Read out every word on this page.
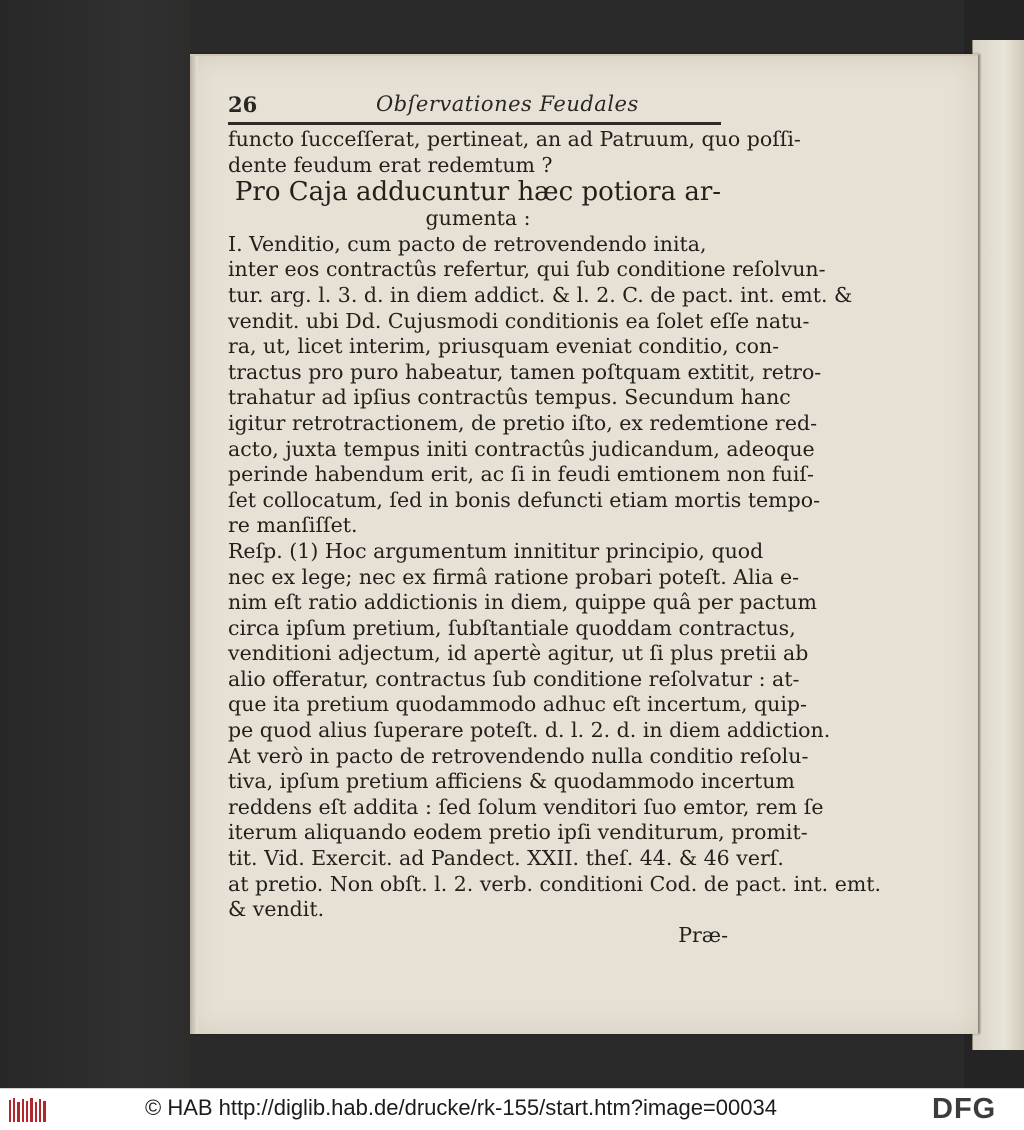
26	Obſervationes Feudales
functo ſucceſſerat, pertineat, an ad Patruum, quo poſſi-
dente feudum erat redemtum ?
Pro Caja adducuntur hæc potiora ar-
gumenta :
I. Venditio, cum pacto de retrovendendo inita,
inter eos contractûs refertur, qui ſub conditione reſolvun-
tur. arg. l. 3. d. in diem addict. & l. 2. C. de pact. int. emt. &
vendit. ubi Dd. Cujusmodi conditionis ea ſolet eſſe natu-
ra, ut, licet interim, priusquam eveniat conditio, con-
tractus pro puro habeatur, tamen poſtquam extitit, retro-
trahatur ad ipſius contractûs tempus. Secundum hanc
igitur retrotractionem, de pretio iſto, ex redemtione red-
acto, juxta tempus initi contractûs judicandum, adeoque
perinde habendum erit, ac ſi in feudi emtionem non fuiſ-
ſet collocatum, ſed in bonis defuncti etiam mortis tempo-
re manſiſſet.
Reſp. (1) Hoc argumentum innititur principio, quod
nec ex lege; nec ex firmâ ratione probari poteſt. Alia e-
nim eſt ratio addictionis in diem, quippe quâ per pactum
circa ipſum pretium, ſubſtantiale quoddam contractus,
venditioni adjectum, id apertè agitur, ut ſi plus pretii ab
alio offeratur, contractus ſub conditione reſolvatur : at-
que ita pretium quodammodo adhuc eſt incertum, quip-
pe quod alius ſuperare poteſt. d. l. 2. d. in diem addiction.
At verò in pacto de retrovendendo nulla conditio reſolu-
tiva, ipſum pretium afficiens & quodammodo incertum
reddens eſt addita : ſed ſolum venditori ſuo emtor, rem ſe
iterum aliquando eodem pretio ipſi venditurum, promit-
tit. Vid. Exercit. ad Pandect. XXII. theſ. 44. & 46 verſ.
at pretio. Non obſt. l. 2. verb. conditioni Cod. de pact. int. emt.
& vendit.
Præ-
© HAB http://diglib.hab.de/drucke/rk-155/start.htm?image=00034	DFG
